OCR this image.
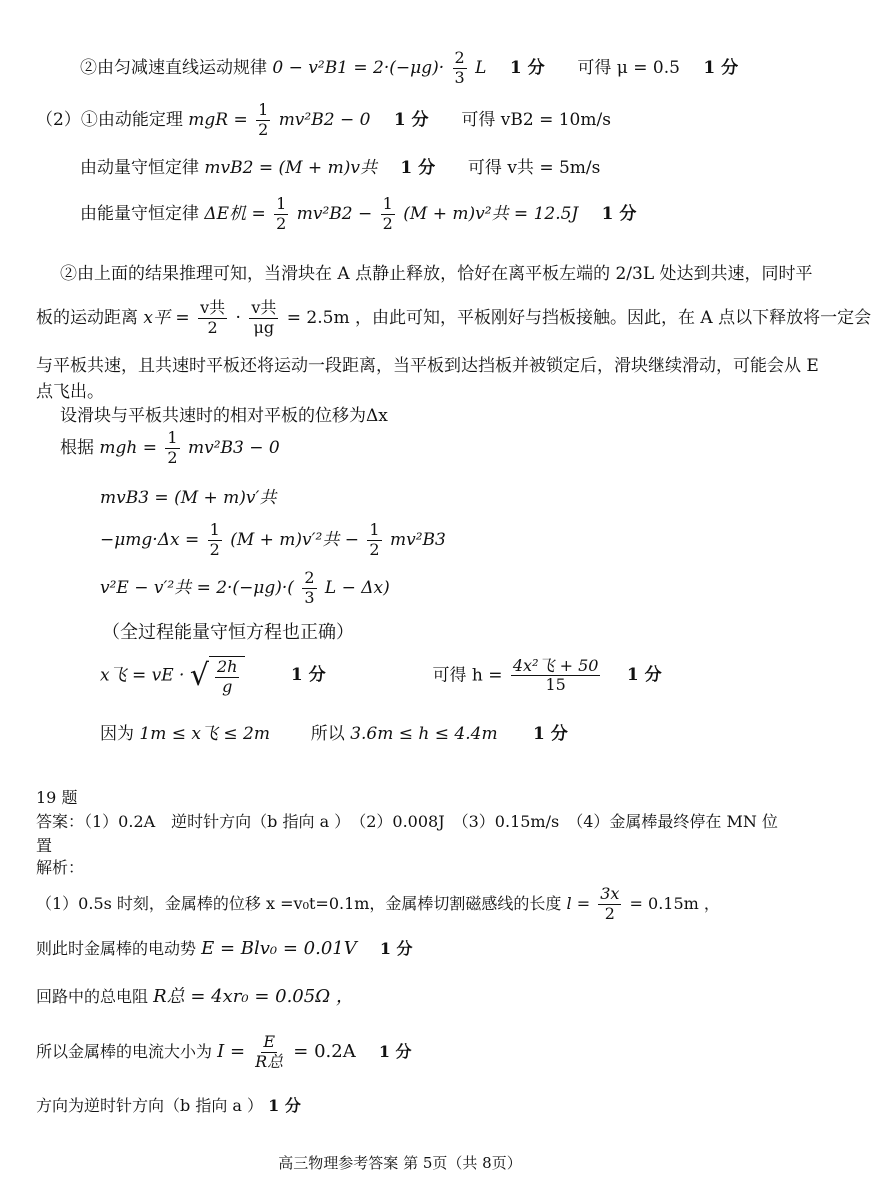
②由匀减速直线运动规律 $0 - v^2B1 = 2\cdot(-\mu g)\cdot \frac{2}{3}$ L 1 分 可得 μ = 0.5 1 分
（2）①由动能定理 mgR = $\frac{1}{2} mv^2B2 - 0$ 1 分 可得 vB2 = 10m/s
由动量守恒定律 mvB2 = (M + m)v共 1 分 可得 v共 = 5m/s
由能量守恒定律 ΔE机 = $\frac{1}{2} mv^2B2 - \frac{1}{2} (M + m)v^2$共 = 12.5J 1 分
②由上面的结果推理可知，当滑块在 A 点静止释放，恰好在离平板左端的 2/3L 处达到共速，同时平
板的运动距离 x平 = $\frac{\text{v共}}{2} \cdot \frac{\text{v共}}{\mu g} = 2.5m$ ，由此可知，平板刚好与挡板接触。因此，在 A 点以下释放将一定会
与平板共速，且共速时平板还将运动一段距离，当平板到达挡板并被锁定后，滑块继续滑动，可能会从 E
点飞出。
设滑块与平板共速时的相对平板的位移为Δx
根据 mgh = $\frac{1}{2} mv^2B3 - 0$
mvB3 = (M + m)v′共
$-\mu mg\cdot\Delta x = \frac{1}{2} (M + m)v'^2$共 − $\frac{1}{2} mv^2B3$
v²E − v′²共 = $2\cdot(-\mu g)\cdot( \frac{2}{3}$ L − Δx)
（全过程能量守恒方程也正确）
x飞 = vE · √ $\frac{2h}{g}$	1 分	可得 $h = \frac{\text{4x²飞 + 50}}{15} 1$ 分
因为 1m ≤ x飞 ≤ 2m 所以 3.6m ≤ h ≤ 4.4m 1 分
19 题
答案：（1）0.2A　逆时针方向（b 指向 a ）　（2）0.008J　（3）0.15m/s　（4）金属棒最终停在 MN 位
置
解析：
（1）0.5s 时刻，金属棒的位移 x =v₀t=0.1m，金属棒切割磁感线的长度 $l = \frac{3x}{2} = 0.15m$ ，
则此时金属棒的电动势 E = Blv₀ = 0.01V 1 分
回路中的总电阻 R总 = 4xr₀ = 0.05Ω ，
所以金属棒的电流大小为 $I = \frac{E}{\text{R总}} = 0.2A$ 1 分
方向为逆时针方向（b 指向 a ） 1 分
高三物理参考答案 第 5页（共 8页）
